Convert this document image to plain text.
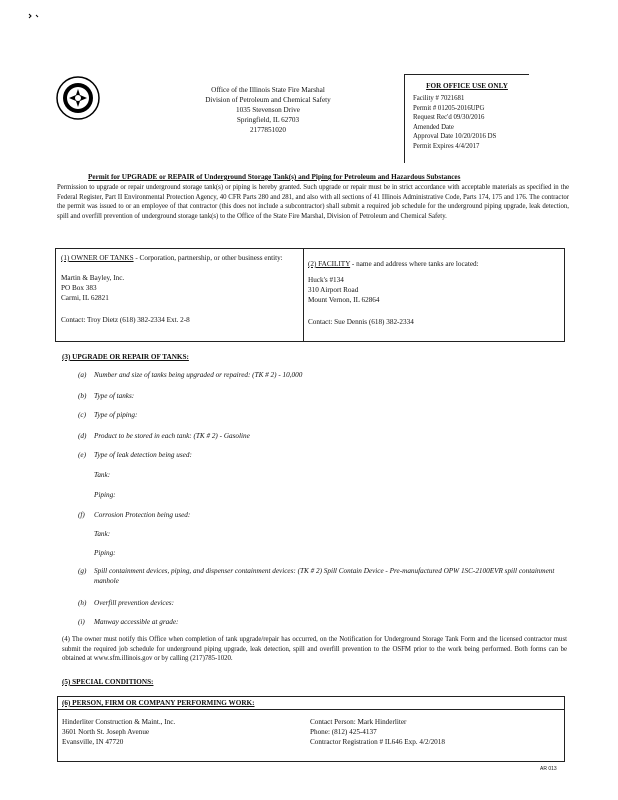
Office of the Illinois State Fire Marshal
Division of Petroleum and Chemical Safety
1035 Stevenson Drive
Springfield, IL 62703
2177851020
FOR OFFICE USE ONLY
Facility # 7021681
Permit # 01205-2016UPG
Request Rec'd 09/30/2016
Amended Date
Approval Date 10/20/2016 DS
Permit Expires 4/4/2017
Permit for UPGRADE or REPAIR of Underground Storage Tank(s) and Piping for Petroleum and Hazardous Substances
Permission to upgrade or repair underground storage tank(s) or piping is hereby granted. Such upgrade or repair must be in strict accordance with acceptable materials as specified in the Federal Register, Part II Environmental Protection Agency, 40 CFR Parts 280 and 281, and also with all sections of 41 Illinois Administrative Code, Parts 174, 175 and 176. The contractor the permit was issued to or an employee of that contractor (this does not include a subcontractor) shall submit a required job schedule for the underground piping upgrade, leak detection, spill and overfill prevention of underground storage tank(s) to the Office of the State Fire Marshal, Division of Petroleum and Chemical Safety.
(1) OWNER OF TANKS - Corporation, partnership, or other business entity:
Martin & Bayley, Inc.
PO Box 383
Carmi, IL 62821
Contact: Troy Dietz (618) 382-2334 Ext. 2-8
(2) FACILITY - name and address where tanks are located:
Huck's #134
310 Airport Road
Mount Vernon, IL 62864
Contact: Sue Dennis (618) 382-2334
(3) UPGRADE OR REPAIR OF TANKS:
(a) Number and size of tanks being upgraded or repaired: (TK # 2) - 10,000
(b) Type of tanks:
(c) Type of piping:
(d) Product to be stored in each tank: (TK # 2) - Gasoline
(e) Type of leak detection being used:
Tank:
Piping:
(f) Corrosion Protection being used:
Tank:
Piping:
(g)	Spill containment devices, piping, and dispenser containment devices: (TK # 2) Spill Contain Device - Pre-manufactured OPW 1SC-2100EVR spill containment manhole
(h) Overfill prevention devices:
(i) Manway accessible at grade:
(4) The owner must notify this Office when completion of tank upgrade/repair has occurred, on the Notification for Underground Storage Tank Form and the licensed contractor must submit the required job schedule for underground piping upgrade, leak detection, spill and overfill prevention to the OSFM prior to the work being performed. Both forms can be obtained at www.sfm.illinois.gov or by calling (217)785-1020.
(5) SPECIAL CONDITIONS:
(6) PERSON, FIRM OR COMPANY PERFORMING WORK:
Hinderliter Construction & Maint., Inc.
3601 North St. Joseph Avenue
Evansville, IN 47720
Contact Person: Mark Hinderliter
Phone: (812) 425-4137
Contractor Registration # IL646 Exp. 4/2/2018
AR 013
